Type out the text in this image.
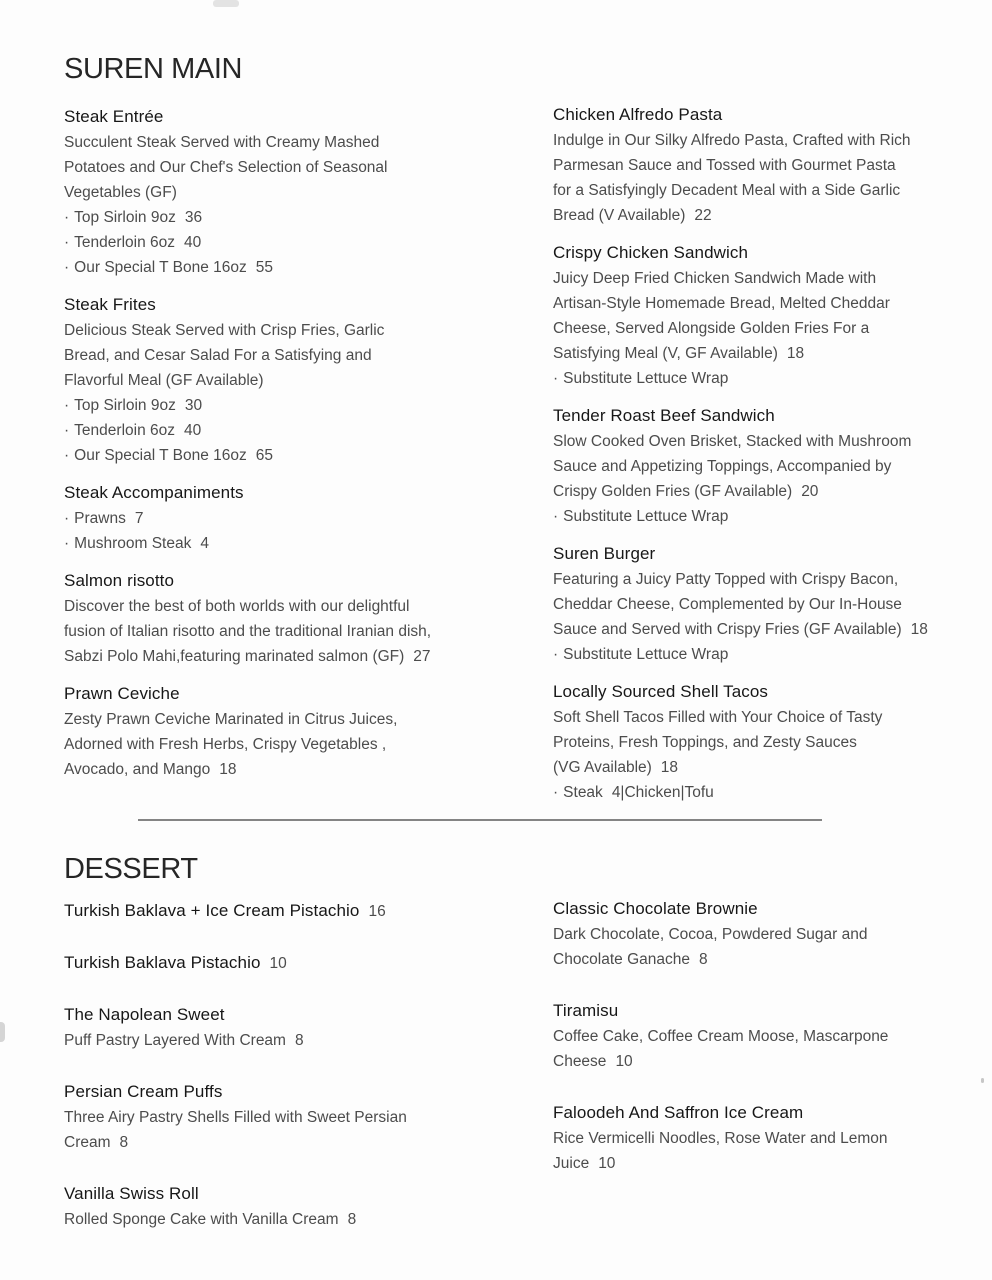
SUREN MAIN
Steak Entrée
Succulent Steak Served with Creamy Mashed
Potatoes and Our Chef's Selection of Seasonal
Vegetables (GF)
· Top Sirloin 9oz 36
· Tenderloin 6oz 40
· Our Special T Bone 16oz 55
Steak Frites
Delicious Steak Served with Crisp Fries, Garlic
Bread, and Cesar Salad For a Satisfying and
Flavorful Meal (GF Available)
· Top Sirloin 9oz 30
· Tenderloin 6oz 40
· Our Special T Bone 16oz 65
Steak Accompaniments
· Prawns 7
· Mushroom Steak 4
Salmon risotto
Discover the best of both worlds with our delightful
fusion of Italian risotto and the traditional Iranian dish,
Sabzi Polo Mahi,featuring marinated salmon (GF) 27
Prawn Ceviche
Zesty Prawn Ceviche Marinated in Citrus Juices,
Adorned with Fresh Herbs, Crispy Vegetables ,
Avocado, and Mango 18
Chicken Alfredo Pasta
Indulge in Our Silky Alfredo Pasta, Crafted with Rich
Parmesan Sauce and Tossed with Gourmet Pasta
for a Satisfyingly Decadent Meal with a Side Garlic
Bread (V Available) 22
Crispy Chicken Sandwich
Juicy Deep Fried Chicken Sandwich Made with
Artisan-Style Homemade Bread, Melted Cheddar
Cheese, Served Alongside Golden Fries For a
Satisfying Meal (V, GF Available) 18
· Substitute Lettuce Wrap
Tender Roast Beef Sandwich
Slow Cooked Oven Brisket, Stacked with Mushroom
Sauce and Appetizing Toppings, Accompanied by
Crispy Golden Fries (GF Available) 20
· Substitute Lettuce Wrap
Suren Burger
Featuring a Juicy Patty Topped with Crispy Bacon,
Cheddar Cheese, Complemented by Our In-House
Sauce and Served with Crispy Fries (GF Available) 18
· Substitute Lettuce Wrap
Locally Sourced Shell Tacos
Soft Shell Tacos Filled with Your Choice of Tasty
Proteins, Fresh Toppings, and Zesty Sauces
(VG Available) 18
· Steak 4|Chicken|Tofu
DESSERT
Turkish Baklava + Ice Cream Pistachio 16
Turkish Baklava Pistachio 10
The Napolean Sweet
Puff Pastry Layered With Cream 8
Persian Cream Puffs
Three Airy Pastry Shells Filled with Sweet Persian
Cream 8
Vanilla Swiss Roll
Rolled Sponge Cake with Vanilla Cream 8
Classic Chocolate Brownie
Dark Chocolate, Cocoa, Powdered Sugar and
Chocolate Ganache 8
Tiramisu
Coffee Cake, Coffee Cream Moose, Mascarpone
Cheese 10
Faloodeh And Saffron Ice Cream
Rice Vermicelli Noodles, Rose Water and Lemon
Juice 10
